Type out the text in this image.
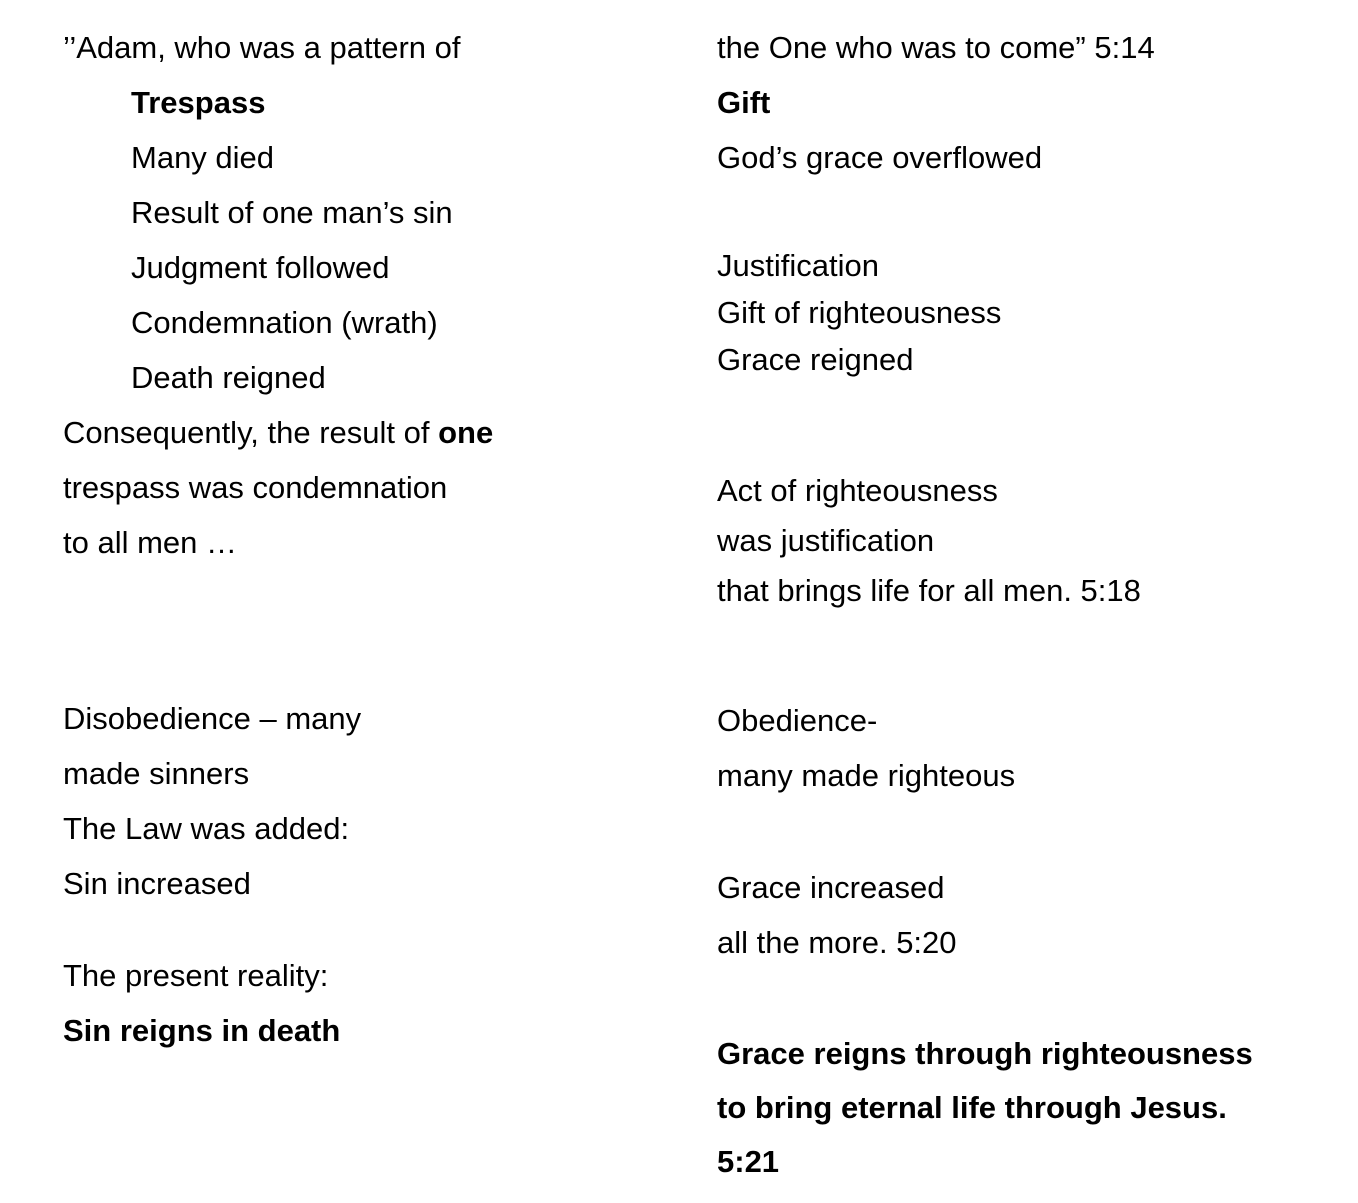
’’Adam, who was a pattern of
Trespass
Many died
Result of one man’s sin
Judgment followed
Condemnation (wrath)
Death reigned
Consequently, the result of one
trespass was condemnation
to all men …
Disobedience – many
made sinners
The Law was added:
Sin increased
The present reality:
Sin reigns in death
the One who was to come” 5:14
Gift
God’s grace overflowed
Justification
Gift of righteousness
Grace reigned
Act of righteousness
was justification
that brings life for all men. 5:18
Obedience-
many made righteous
Grace increased
all the more. 5:20
Grace reigns through righteousness
to bring eternal life through Jesus.
5:21
